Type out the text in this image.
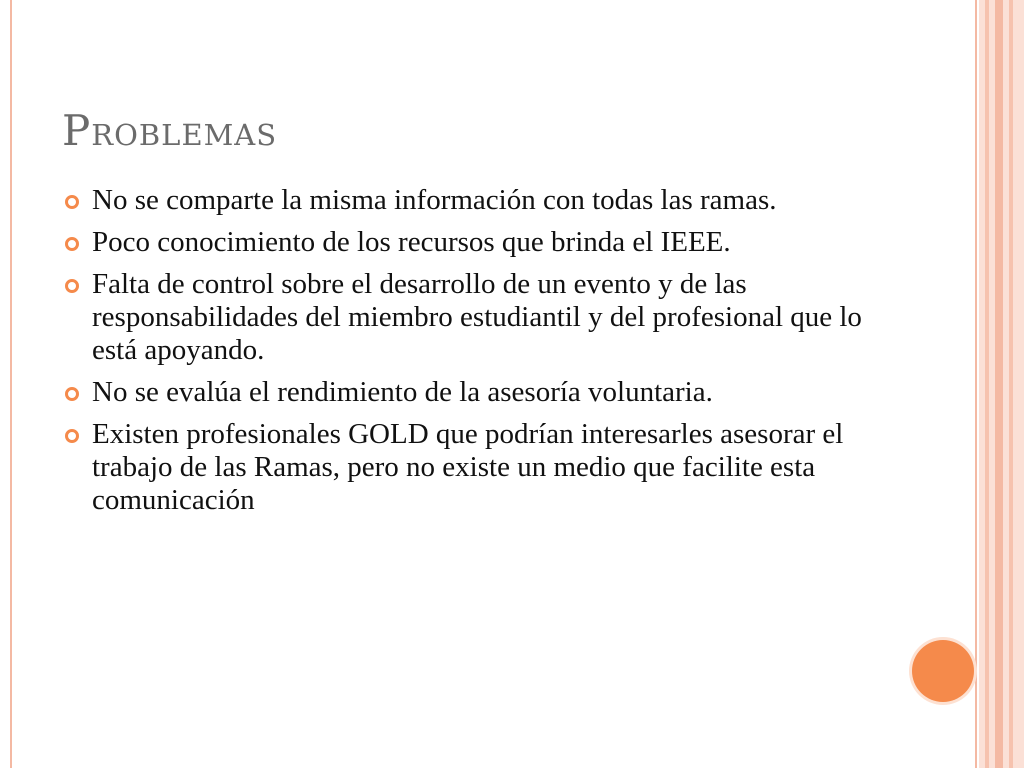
Problemas
No se comparte la misma información con todas las ramas.
Poco conocimiento de los recursos que brinda el IEEE.
Falta de control sobre el desarrollo de un evento y de las responsabilidades del miembro estudiantil y del profesional que lo está apoyando.
No se evalúa el rendimiento de la asesoría voluntaria.
Existen profesionales GOLD que podrían interesarles asesorar el trabajo de las Ramas, pero no existe un medio que facilite esta comunicación
